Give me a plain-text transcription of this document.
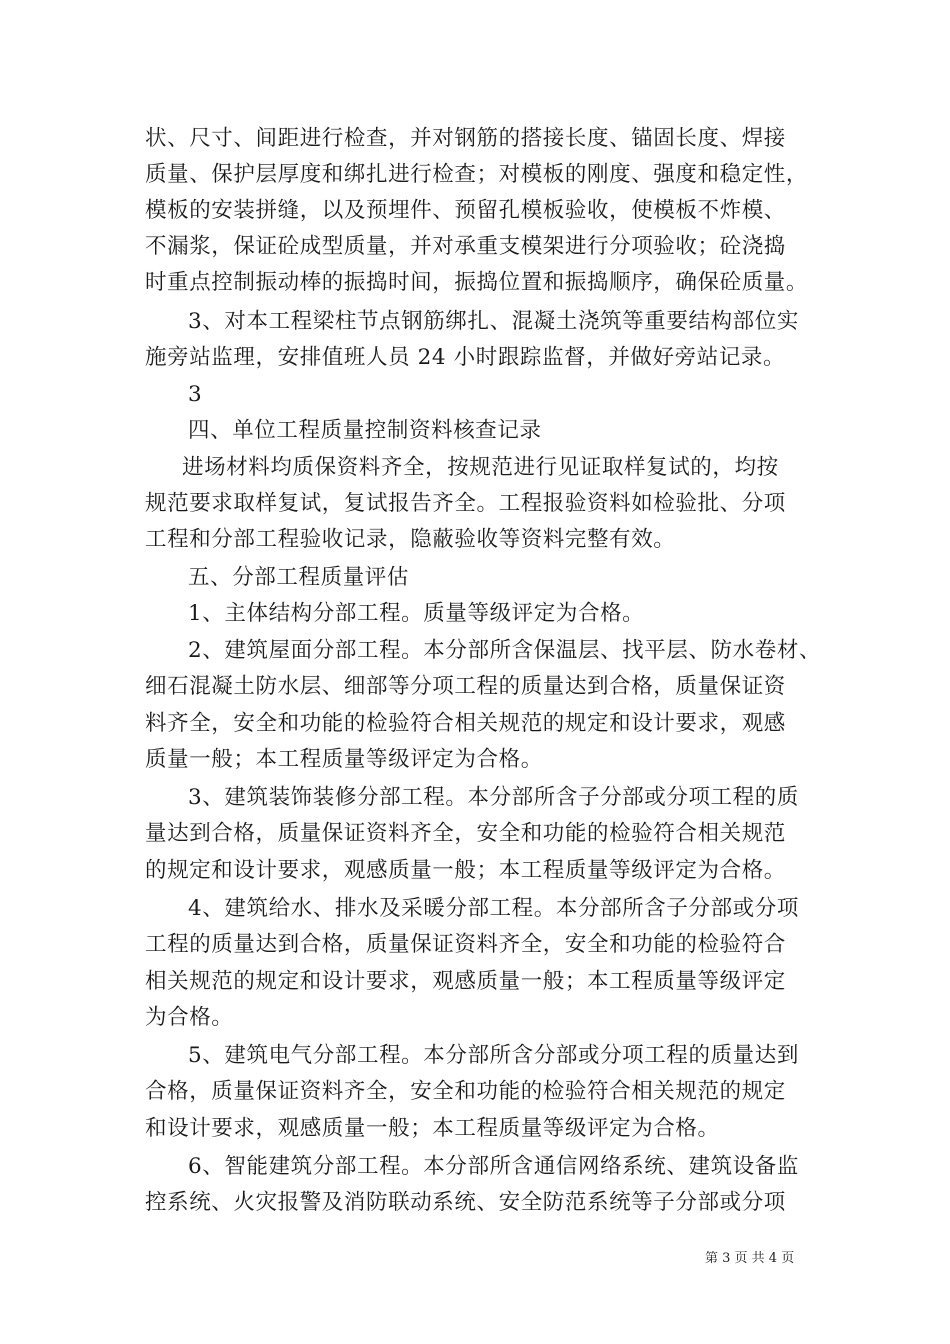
状、尺寸、间距进行检查，并对钢筋的搭接长度、锚固长度、焊接
质量、保护层厚度和绑扎进行检查；对模板的刚度、强度和稳定性，
模板的安装拼缝，以及预埋件、预留孔模板验收，使模板不炸模、
不漏浆，保证砼成型质量，并对承重支模架进行分项验收；砼浇捣
时重点控制振动棒的振捣时间，振捣位置和振捣顺序，确保砼质量。
3、对本工程梁柱节点钢筋绑扎、混凝土浇筑等重要结构部位实
施旁站监理，安排值班人员 24 小时跟踪监督，并做好旁站记录。
3
四、单位工程质量控制资料核查记录
进场材料均质保资料齐全，按规范进行见证取样复试的，均按
规范要求取样复试，复试报告齐全。工程报验资料如检验批、分项
工程和分部工程验收记录，隐蔽验收等资料完整有效。
五、分部工程质量评估
1、主体结构分部工程。质量等级评定为合格。
2、建筑屋面分部工程。本分部所含保温层、找平层、防水卷材、
细石混凝土防水层、细部等分项工程的质量达到合格，质量保证资
料齐全，安全和功能的检验符合相关规范的规定和设计要求，观感
质量一般；本工程质量等级评定为合格。
3、建筑装饰装修分部工程。本分部所含子分部或分项工程的质
量达到合格，质量保证资料齐全，安全和功能的检验符合相关规范
的规定和设计要求，观感质量一般；本工程质量等级评定为合格。
4、建筑给水、排水及采暖分部工程。本分部所含子分部或分项
工程的质量达到合格，质量保证资料齐全，安全和功能的检验符合
相关规范的规定和设计要求，观感质量一般；本工程质量等级评定
为合格。
5、建筑电气分部工程。本分部所含分部或分项工程的质量达到
合格，质量保证资料齐全，安全和功能的检验符合相关规范的规定
和设计要求，观感质量一般；本工程质量等级评定为合格。
6、智能建筑分部工程。本分部所含通信网络系统、建筑设备监
控系统、火灾报警及消防联动系统、安全防范系统等子分部或分项
第 3 页 共 4 页
